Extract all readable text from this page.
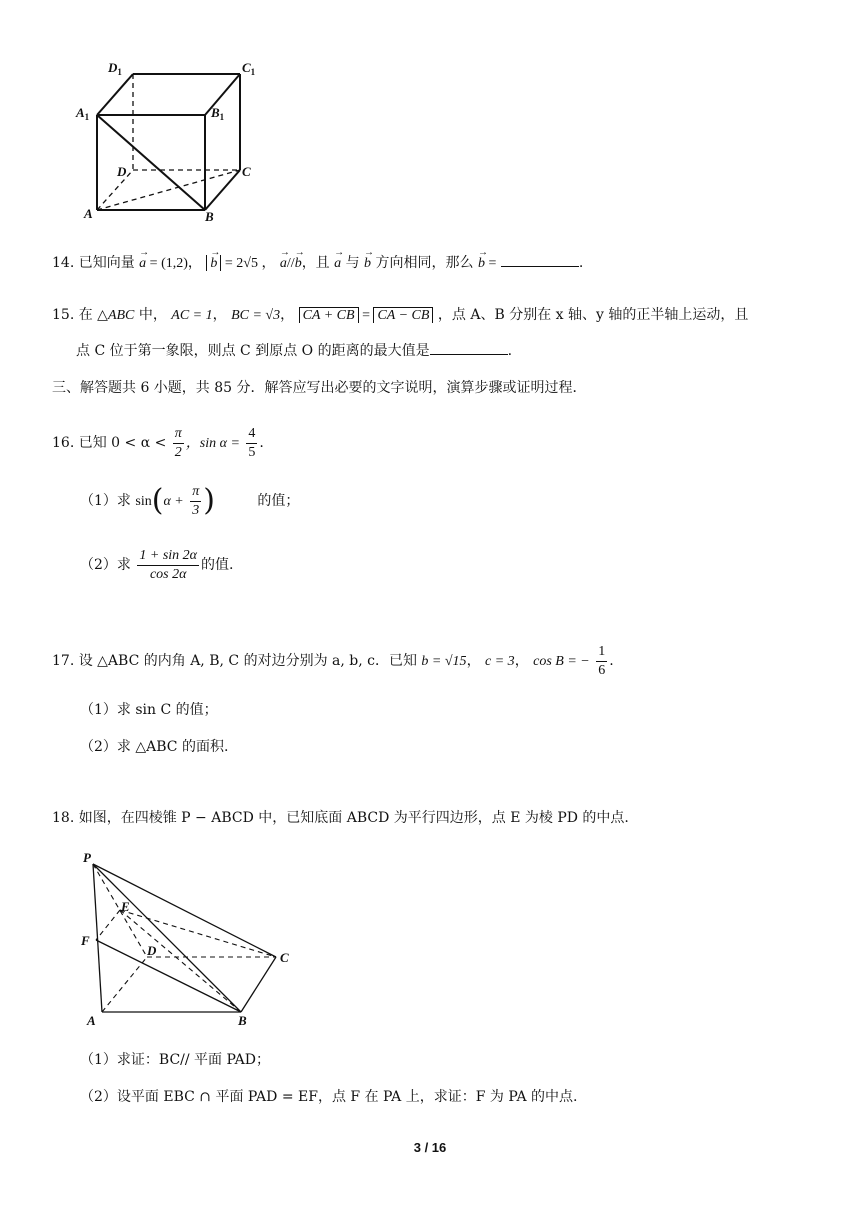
$D_1$	$C_1$
$A_1$	$B_1$
D	C
A	B
14. 已知向量 → a = (1,2)， → b = 2√5 ， → a//→ b，且 → a 与 → b 方向相同，那么 → b =	.
15. 在 △ABC 中， AC = 1， BC = √3， CA + CB = CA − CB ，点 A、B 分别在 x 轴、y 轴的正半轴上运动，且
点 C 位于第一象限，则点 C 到原点 O 的距离的最大值是	.
三、解答题共 6 小题，共 85 分．解答应写出必要的文字说明，演算步骤或证明过程．
16. 已知 $0 < \alpha < \frac{\pi}{2}$ ，$\sin \alpha = \frac{4}{5}$ .
（1）求 $\sin(\alpha + \frac{\pi}{3}$ )	的值；
（2）求 $\frac{1 + \sin 2\alpha}{\cos 2\alpha}$ 的值.
17. 设 △ABC 的内角 A, B, C 的对边分别为 a, b, c．已知 b = √15， c = 3， cos B = − $\frac{1}{6}$ .
（1）求 sin C 的值；
（2）求 △ABC 的面积.
18. 如图，在四棱锥 P − ABCD 中，已知底面 ABCD 为平行四边形，点 E 为棱 PD 的中点.
P
E
F
D	C
A	B
（1）求证：BC// 平面 PAD；
（2）设平面 EBC ∩ 平面 PAD = EF，点 F 在 PA 上，求证：F 为 PA 的中点.
3 / 16
